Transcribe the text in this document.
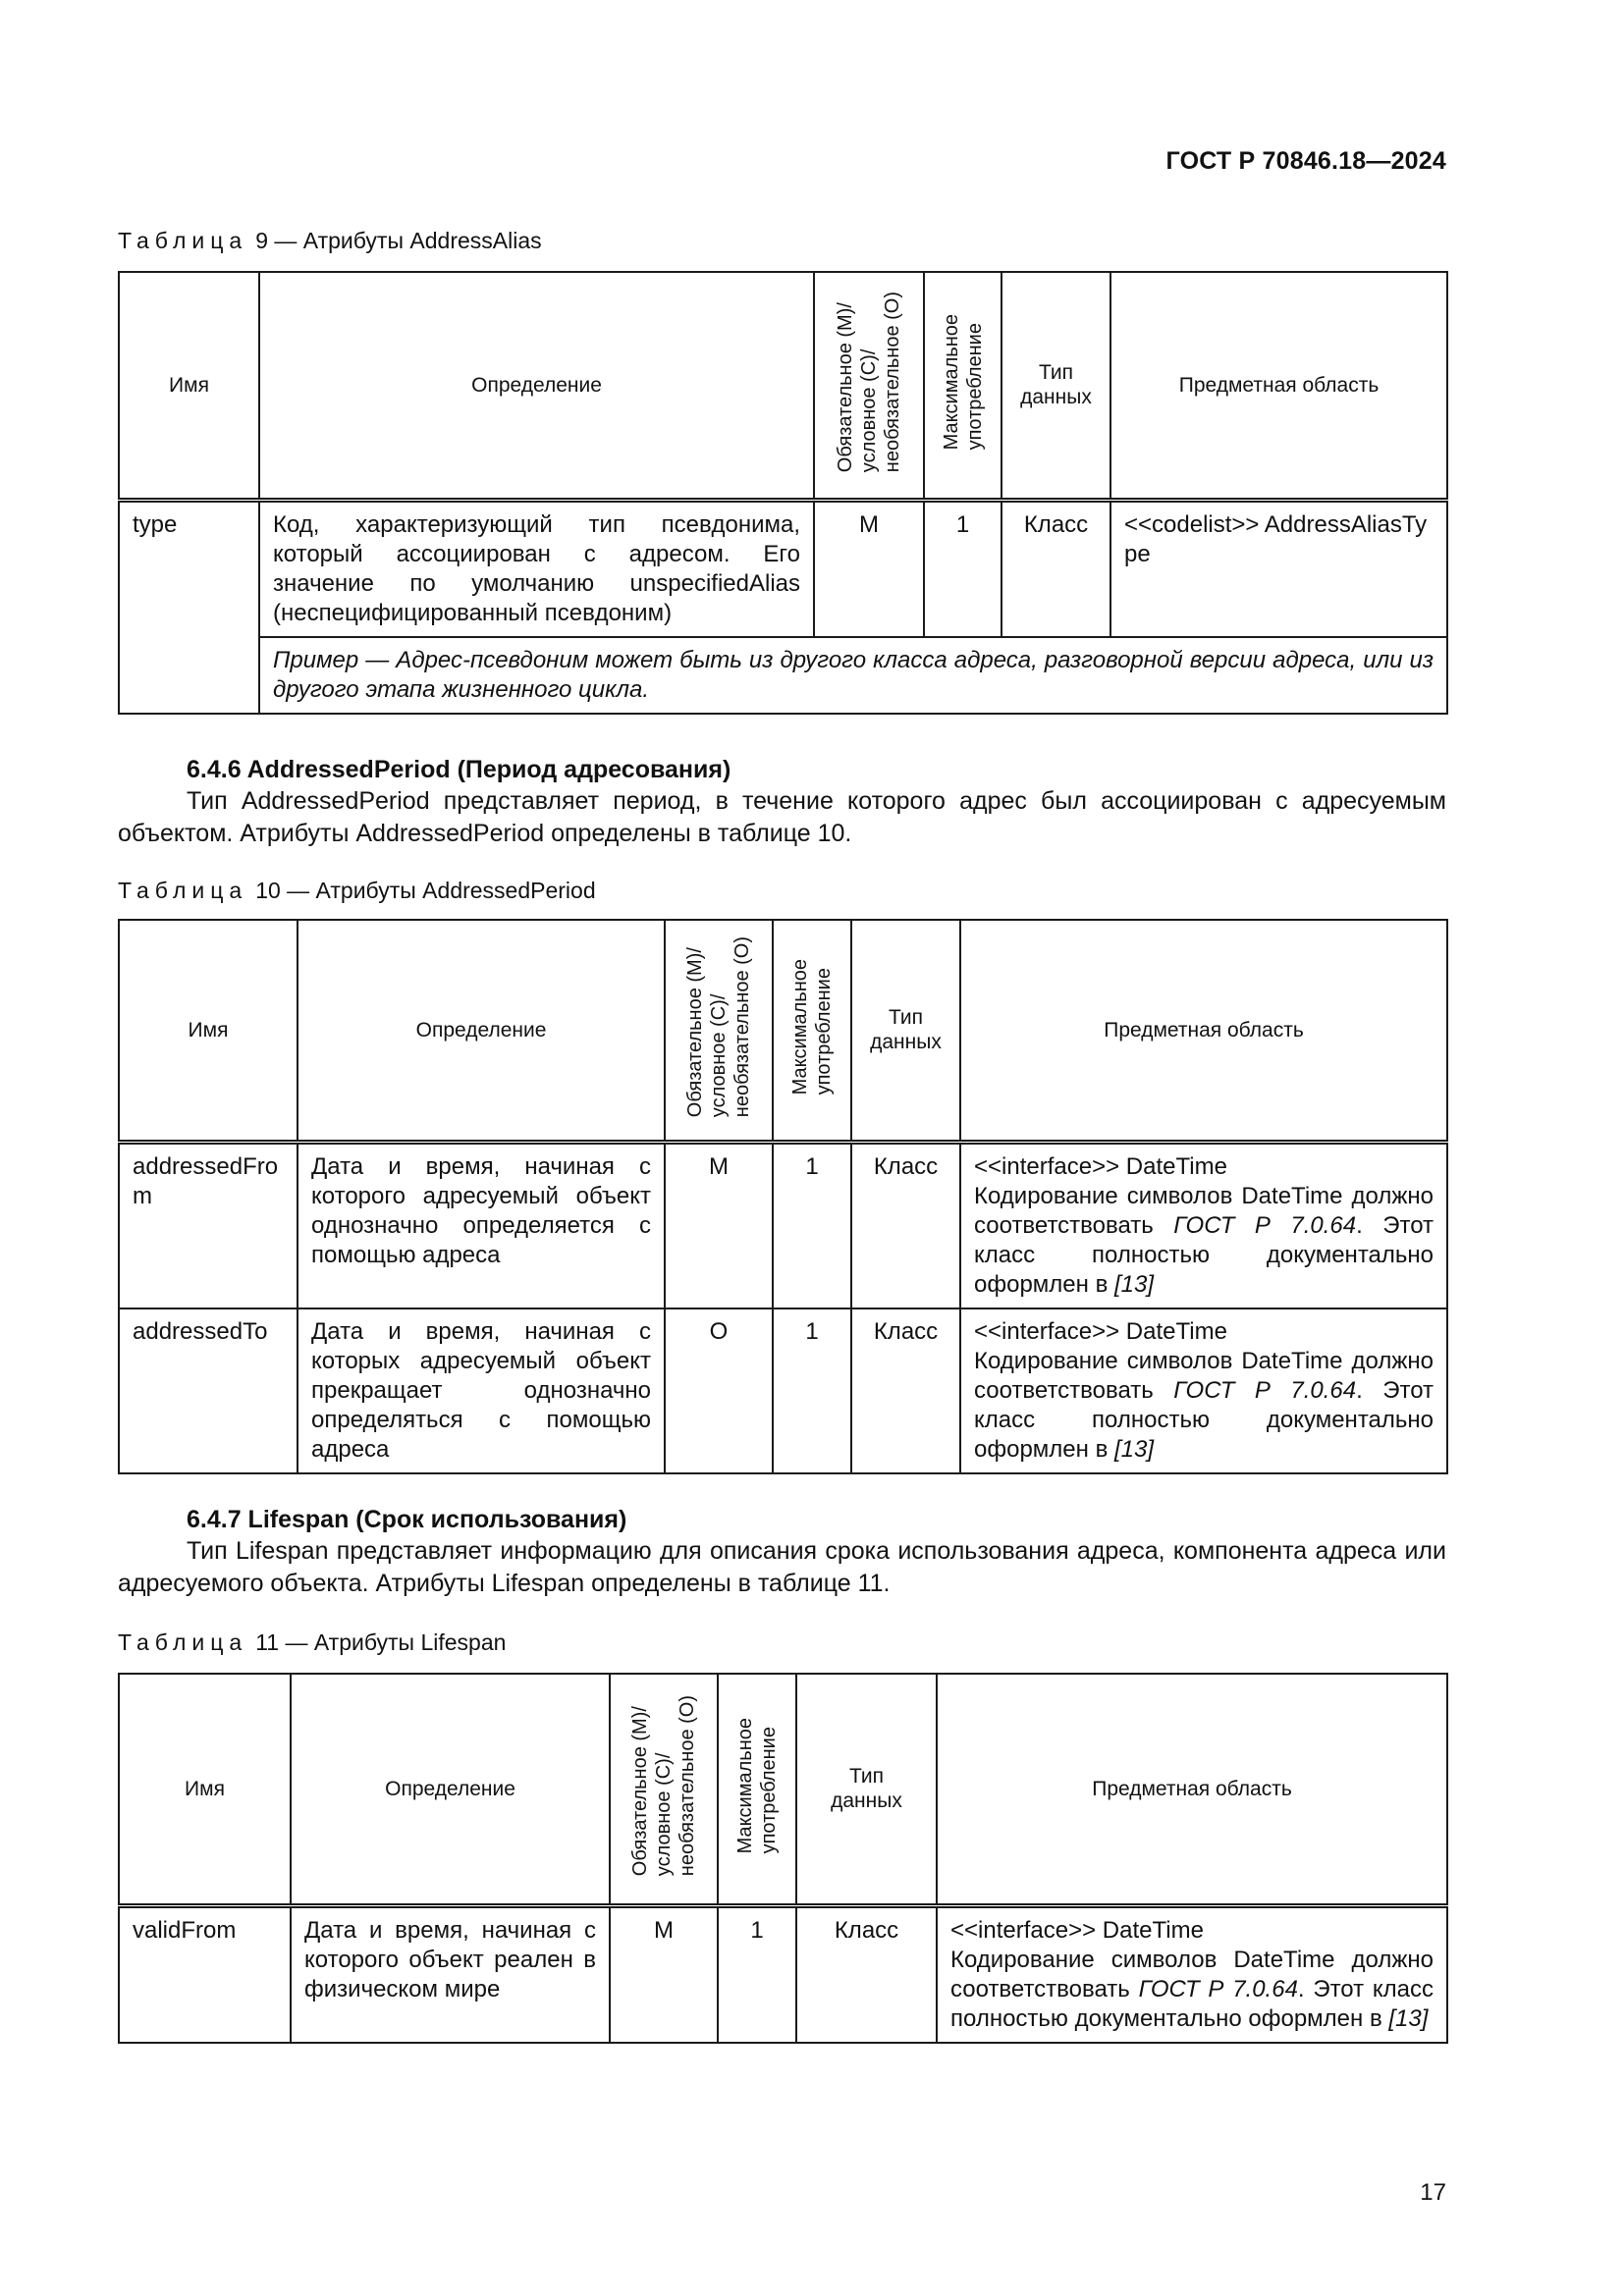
ГОСТ Р 70846.18—2024
Таблица 9 — Атрибуты AddressAlias
Имя	Определение	Обязательное (М)/
условное (С)/
необязательное (О)	Максимальное
употребление	Тип
данных	Предметная область
type	Код, характеризующий тип псевдонима, который ассоциирован с адресом. Его значение по умолчанию unspecifiedAlias (неспецифицированный псевдоним)	М	1	Класс	<<codelist>> AddressAliasType
	Пример — Адрес-псевдоним может быть из другого класса адреса, разговорной версии адреса, или из другого этапа жизненного цикла.				
6.4.6 AddressedPeriod (Период адресования)
Тип AddressedPeriod представляет период, в течение которого адрес был ассоциирован с адресуемым объектом. Атрибуты AddressedPeriod определены в таблице 10.
Таблица 10 — Атрибуты AddressedPeriod
Имя	Определение	Обязательное (М)/
условное (С)/
необязательное (О)	Максимальное
употребление	Тип
данных	Предметная область
addressedFrom	Дата и время, начиная с которого адресуемый объект однозначно определяется с помощью адреса	М	1	Класс	<<interface>> DateTime
Кодирование символов DateTime должно соответствовать ГОСТ Р 7.0.64. Этот класс полностью документально оформлен в [13]
addressedTo	Дата и время, начиная с которых адресуемый объект прекращает однозначно определяться с помощью адреса	О	1	Класс	<<interface>> DateTime
Кодирование символов DateTime должно соответствовать ГОСТ Р 7.0.64. Этот класс полностью документально оформлен в [13]
6.4.7 Lifespan (Срок использования)
Тип Lifespan представляет информацию для описания срока использования адреса, компонента адреса или адресуемого объекта. Атрибуты Lifespan определены в таблице 11.
Таблица 11 — Атрибуты Lifespan
Имя	Определение	Обязательное (М)/
условное (С)/
необязательное (О)	Максимальное
употребление	Тип
данных	Предметная область
validFrom	Дата и время, начиная с которого объект реален в физическом мире	М	1	Класс	<<interface>> DateTime
Кодирование символов DateTime должно соответствовать ГОСТ Р 7.0.64. Этот класс полностью документально оформлен в [13]
17
